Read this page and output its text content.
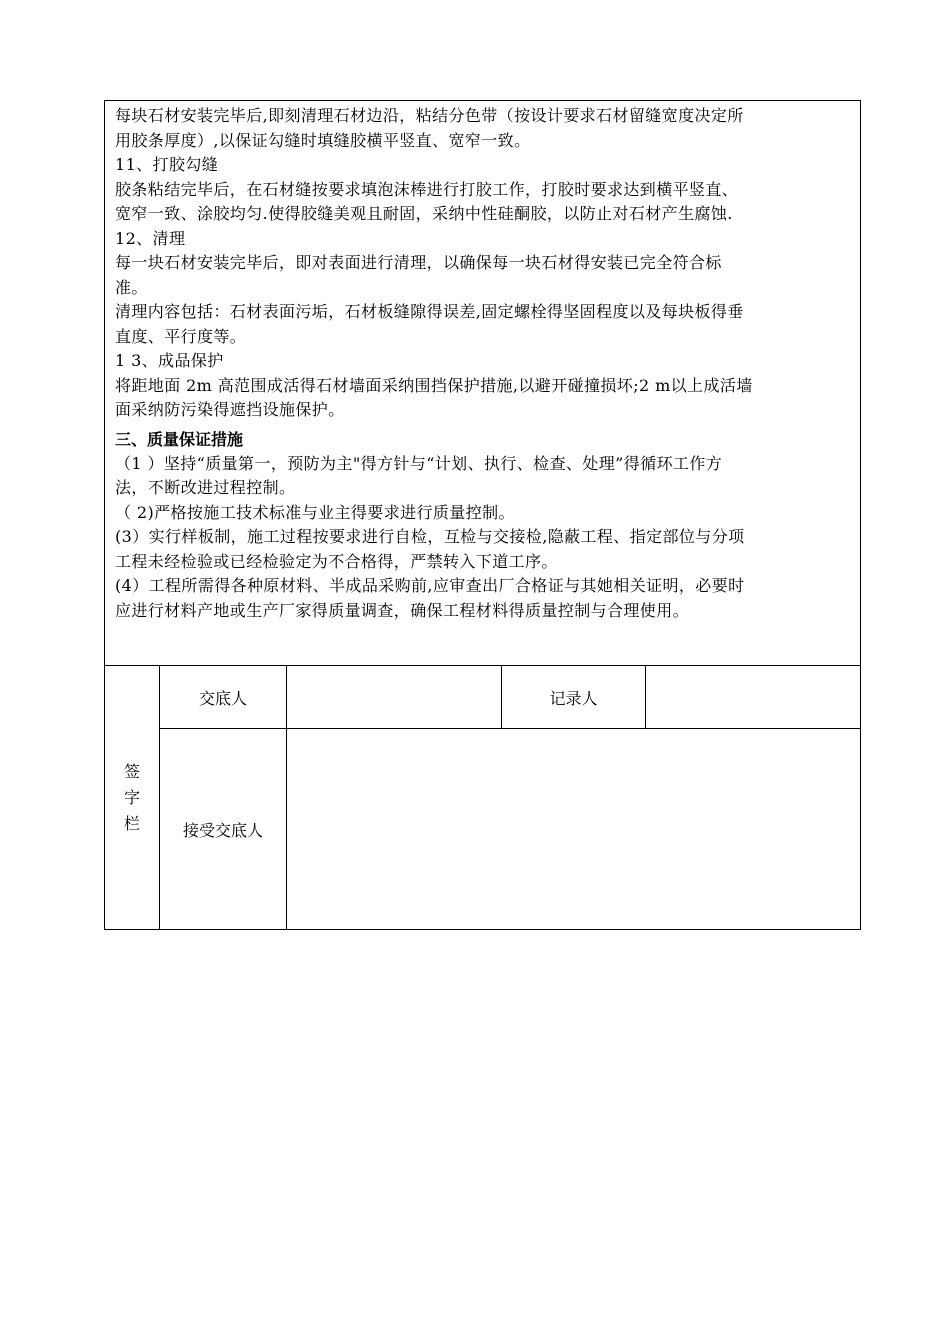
每块石材安装完毕后,即刻清理石材边沿，粘结分色带（按设计要求石材留缝宽度决定所
用胶条厚度）,以保证勾缝时填缝胶横平竖直、宽窄一致。
11、打胶勾缝
胶条粘结完毕后，在石材缝按要求填泡沫棒进行打胶工作，打胶时要求达到横平竖直、
宽窄一致、涂胶均匀.使得胶缝美观且耐固，采纳中性硅酮胶，以防止对石材产生腐蚀.
12、清理
每一块石材安装完毕后，即对表面进行清理，以确保每一块石材得安装已完全符合标
准。
清理内容包括：石材表面污垢，石材板缝隙得误差,固定螺栓得坚固程度以及每块板得垂
直度、平行度等。
1 3、成品保护
将距地面 2m 高范围成活得石材墙面采纳围挡保护措施,以避开碰撞损坏;2 m以上成活墙
面采纳防污染得遮挡设施保护。
三、质量保证措施
（1 ）坚持“质量第一，预防为主"得方针与“计划、执行、检查、处理”得循环工作方
法，不断改进过程控制。
（ 2)严格按施工技术标准与业主得要求进行质量控制。
(3）实行样板制，施工过程按要求进行自检，互检与交接检,隐蔽工程、指定部位与分项
工程未经检验或已经检验定为不合格得，严禁转入下道工序。
(4）工程所需得各种原材料、半成品采购前,应审查出厂合格证与其她相关证明，必要时
应进行材料产地或生产厂家得质量调查，确保工程材料得质量控制与合理使用。
签
字
栏
交底人	记录人
接受交底人
